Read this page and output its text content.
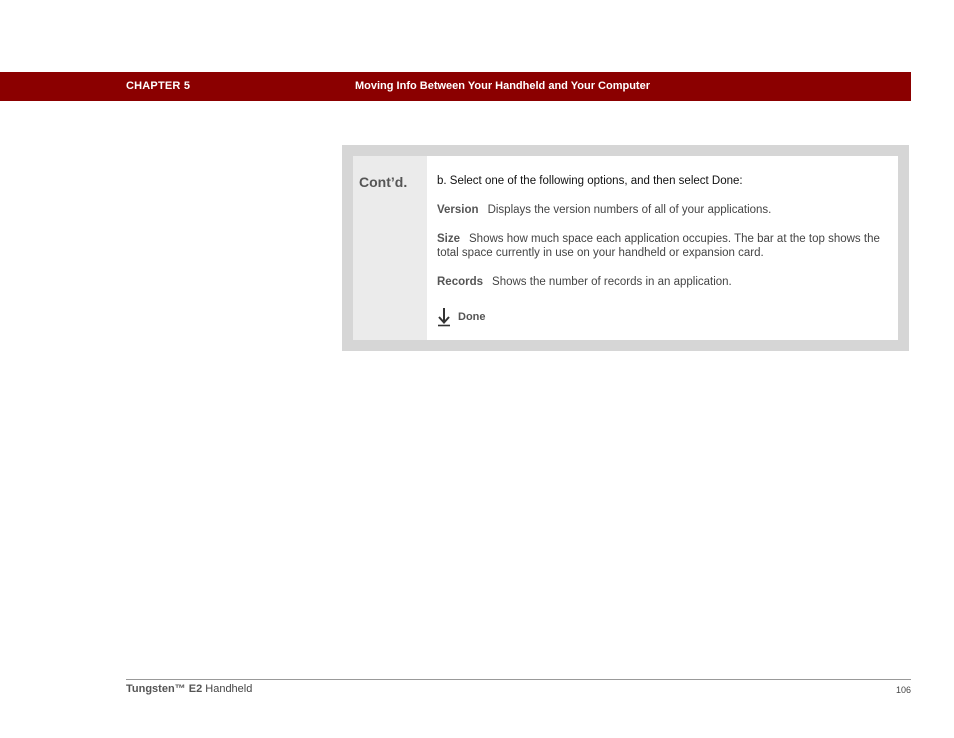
CHAPTER 5	Moving Info Between Your Handheld and Your Computer
Cont’d.	b. Select one of the following options, and then select Done:
Version Displays the version numbers of all of your applications.
Size Shows how much space each application occupies. The bar at the top shows the total space currently in use on your handheld or expansion card.
Records Shows the number of records in an application.
Done
Tungsten™ E2 Handheld	106
